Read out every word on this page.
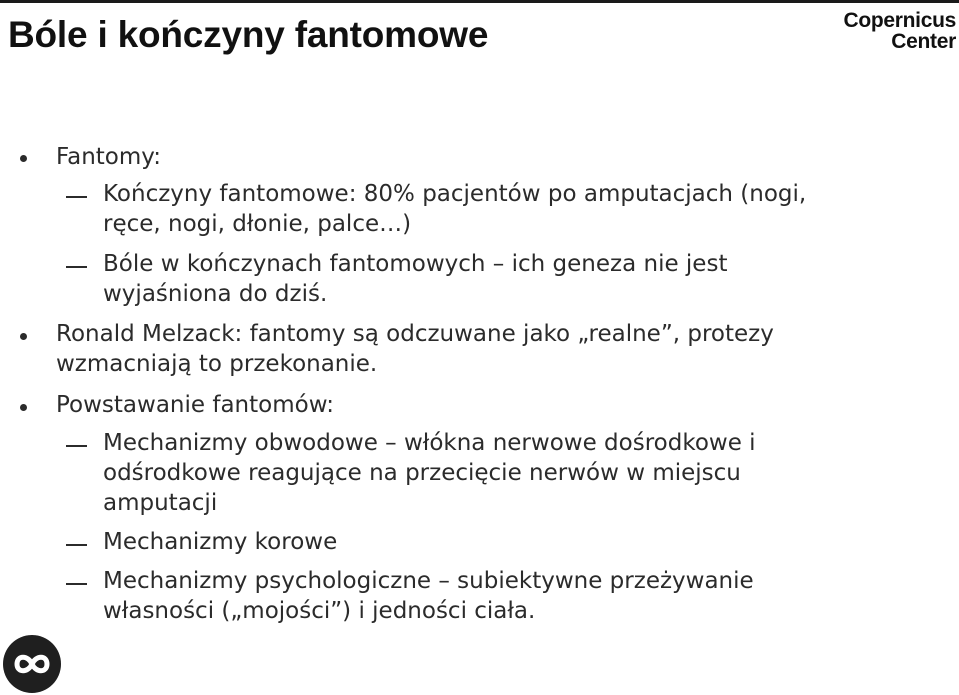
Bóle i kończyny fantomowe	Copernicus
Center
Fantomy:
Kończyny fantomowe: 80% pacjentów po amputacjach (nogi,
ręce, nogi, dłonie, palce…)
Bóle w kończynach fantomowych – ich geneza nie jest
wyjaśniona do dziś.
Ronald Melzack: fantomy są odczuwane jako „realne”, protezy
wzmacniają to przekonanie.
Powstawanie fantomów:
Mechanizmy obwodowe – włókna nerwowe dośrodkowe i
odśrodkowe reagujące na przecięcie nerwów w miejscu
amputacji
Mechanizmy korowe
Mechanizmy psychologiczne – subiektywne przeżywanie
własności („mojości”) i jedności ciała.
